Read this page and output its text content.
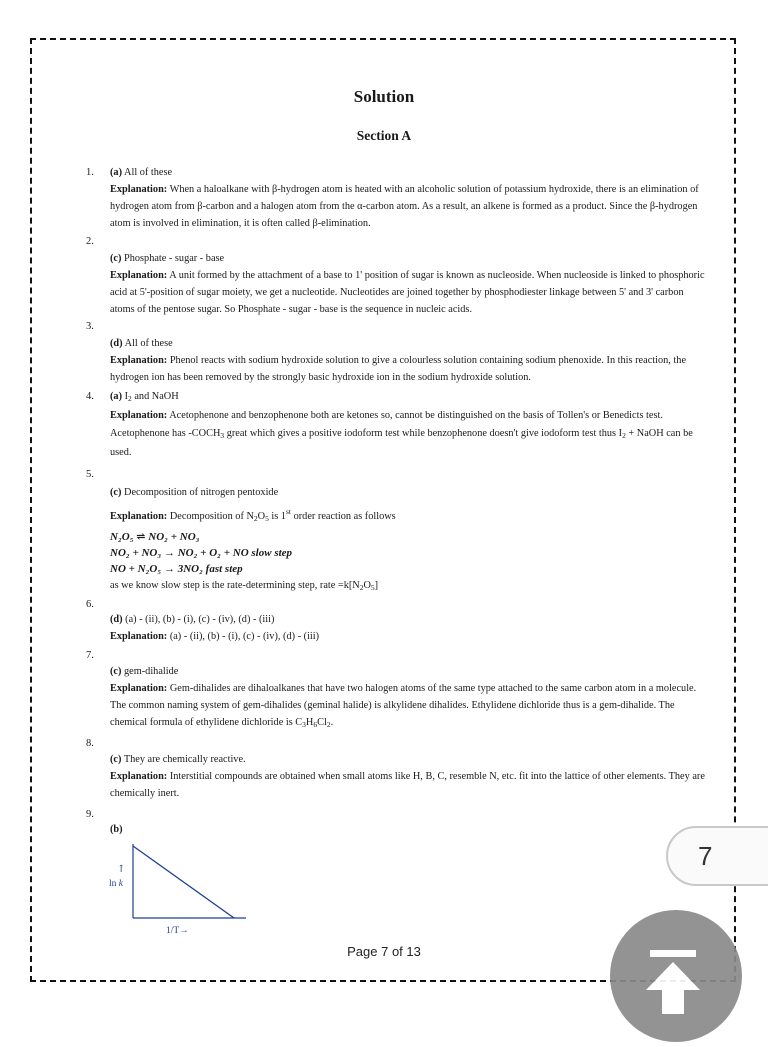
Solution
Section A
1. (a) All of these

Explanation: When a haloalkane with β-hydrogen atom is heated with an alcoholic solution of potassium hydroxide, there is an elimination of hydrogen atom from β-carbon and a halogen atom from the α-carbon atom. As a result, an alkene is formed as a product. Since the β-hydrogen atom is involved in elimination, it is often called β-elimination.

2.

(c) Phosphate - sugar - base

Explanation: A unit formed by the attachment of a base to 1' position of sugar is known as nucleoside. When nucleoside is linked to phosphoric acid at 5'-position of sugar moiety, we get a nucleotide. Nucleotides are joined together by phosphodiester linkage between 5' and 3' carbon atoms of the pentose sugar. So Phosphate - sugar - base is the sequence in nucleic acids.

3.

(d) All of these

Explanation: Phenol reacts with sodium hydroxide solution to give a colourless solution containing sodium phenoxide. In this reaction, the hydrogen ion has been removed by the strongly basic hydroxide ion in the sodium hydroxide solution.

4. (a) $I_2$ and NaOH

Explanation: Acetophenone and benzophenone both are ketones so, cannot be distinguished on the basis of Tollen's or Benedicts test. Acetophenone has $-COCH_3$ great which gives a positive iodoform test while benzophenone doesn't give iodoform test thus $I_2$ + NaOH can be used.

5.

(c) Decomposition of nitrogen pentoxide

Explanation: Decomposition of $N_2O_5$ is 1st order reaction as follows

N₂O₅ ⇌ NO₂ + NO₃

NO₂ + NO₃ → NO₂ + O₂ + NO slow step

NO + N₂O₅ → 3NO₂ fast step

as we know slow step is the rate-determining step, rate $=k[N_2O_5]$

6.

(d) (a) - (ii), (b) - (i), (c) - (iv), (d) - (iii)

Explanation: (a) - (ii), (b) - (i), (c) - (iv), (d) - (iii)

7.

(c) gem-dihalide

Explanation: Gem-dihalides are dihaloalkanes that have two halogen atoms of the same type attached to the same carbon atom in a molecule. The common naming system of gem-dihalides (geminal halide) is alkylidene dihalides. Ethylidene dichloride thus is a gem-dihalide. The chemical formula of ethylidene dichloride is $C_3H_6Cl_2$.

8.

(c) They are chemically reactive.

Explanation: Interstitial compounds are obtained when small atoms like H, B, C, resemble N, etc. fit into the lattice of other elements. They are chemically inert.

9.

(b)

↑
ln k
1/T→
Page 7 of 13
7
